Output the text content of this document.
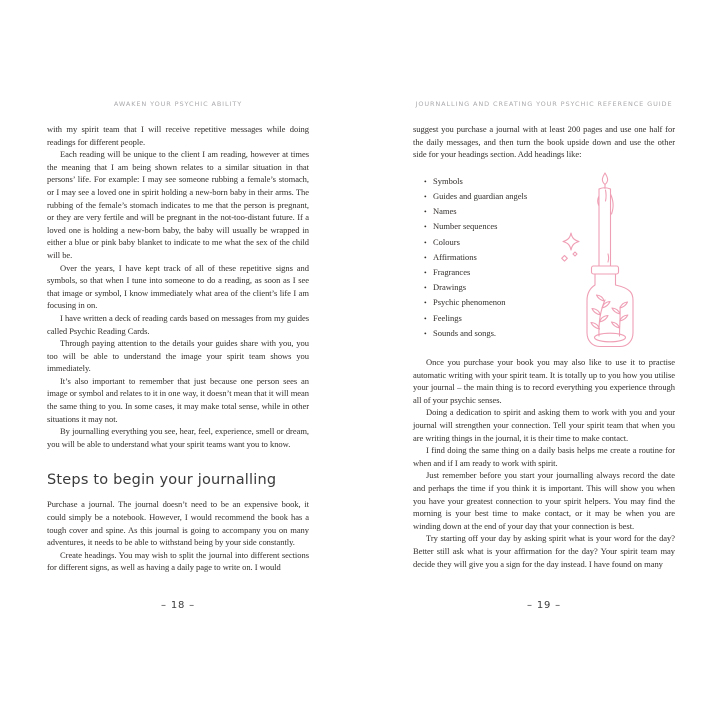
AWAKEN YOUR PSYCHIC ABILITY

with my spirit team that I will receive repetitive messages while doing readings for different people.

Each reading will be unique to the client I am reading, however at times the meaning that I am being shown relates to a similar situation in that persons’ life. For example: I may see someone rubbing a female’s stomach, or I may see a loved one in spirit holding a new-born baby in their arms. The rubbing of the female’s stomach indicates to me that the person is pregnant, or they are very fertile and will be pregnant in the not-too-distant future. If a loved one is holding a new-born baby, the baby will usually be wrapped in either a blue or pink baby blanket to indicate to me what the sex of the child will be.

Over the years, I have kept track of all of these repetitive signs and symbols, so that when I tune into someone to do a reading, as soon as I see that image or symbol, I know immediately what area of the client’s life I am focusing in on.

I have written a deck of reading cards based on messages from my guides called Psychic Reading Cards.

Through paying attention to the details your guides share with you, you too will be able to understand the image your spirit team shows you immediately.

It’s also important to remember that just because one person sees an image or symbol and relates to it in one way, it doesn’t mean that it will mean the same thing to you. In some cases, it may make total sense, while in other situations it may not.

By journalling everything you see, hear, feel, experience, smell or dream, you will be able to understand what your spirit teams want you to know.

Steps to begin your journalling

Purchase a journal. The journal doesn’t need to be an expensive book, it could simply be a notebook. However, I would recommend the book has a tough cover and spine. As this journal is going to accompany you on many adventures, it needs to be able to withstand being by your side constantly.

Create headings. You may wish to split the journal into different sections for different signs, as well as having a daily page to write on. I would

– 18 –
JOURNALLING AND CREATING YOUR PSYCHIC REFERENCE GUIDE

suggest you purchase a journal with at least 200 pages and use one half for the daily messages, and then turn the book upside down and use the other side for your headings section. Add headings like:

• Symbols
• Guides and guardian angels
• Names
• Number sequences
• Colours
• Affirmations
• Fragrances
• Drawings
• Psychic phenomenon
• Feelings
• Sounds and songs.

Once you purchase your book you may also like to use it to practise automatic writing with your spirit team. It is totally up to you how you utilise your journal – the main thing is to record everything you experience through all of your psychic senses.

Doing a dedication to spirit and asking them to work with you and your journal will strengthen your connection. Tell your spirit team that when you are writing things in the journal, it is their time to make contact.

I find doing the same thing on a daily basis helps me create a routine for when and if I am ready to work with spirit.

Just remember before you start your journalling always record the date and perhaps the time if you think it is important. This will show you when you have your greatest connection to your spirit helpers. You may find the morning is your best time to make contact, or it may be when you are winding down at the end of your day that your connection is best.

Try starting off your day by asking spirit what is your word for the day? Better still ask what is your affirmation for the day? Your spirit team may decide they will give you a sign for the day instead. I have found on many

– 19 –
